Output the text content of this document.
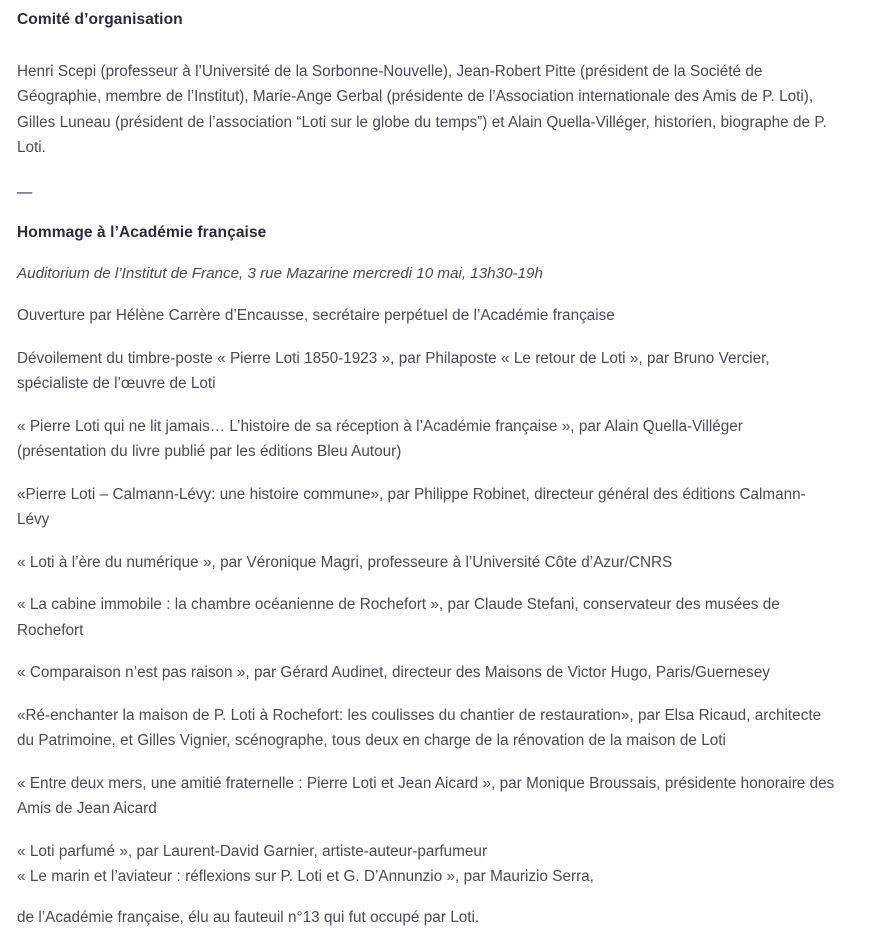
Comité d’organisation

Henri Scepi (professeur à l’Université de la Sorbonne-Nouvelle), Jean-Robert Pitte (président de la Société de Géographie, membre de l’Institut), Marie-Ange Gerbal (présidente de l’Association internationale des Amis de P. Loti), Gilles Luneau (président de l’association “Loti sur le globe du temps”) et Alain Quella-Villéger, historien, biographe de P. Loti.

—

Hommage à l’Académie française

Auditorium de l’Institut de France, 3 rue Mazarine mercredi 10 mai, 13h30-19h

Ouverture par Hélène Carrère d’Encausse, secrétaire perpétuel de l’Académie française

Dévoilement du timbre-poste « Pierre Loti 1850-1923 », par Philaposte « Le retour de Loti », par Bruno Vercier, spécialiste de l’œuvre de Loti

« Pierre Loti qui ne lit jamais… L’histoire de sa réception à l’Académie française », par Alain Quella-Villéger (présentation du livre publié par les éditions Bleu Autour)

«Pierre Loti – Calmann-Lévy: une histoire commune», par Philippe Robinet, directeur général des éditions Calmann-Lévy

« Loti à l’ère du numérique », par Véronique Magri, professeure à l’Université Côte d’Azur/CNRS

« La cabine immobile : la chambre océanienne de Rochefort », par Claude Stefani, conservateur des musées de Rochefort

« Comparaison n’est pas raison », par Gérard Audinet, directeur des Maisons de Victor Hugo, Paris/Guernesey

«Ré-enchanter la maison de P. Loti à Rochefort: les coulisses du chantier de restauration», par Elsa Ricaud, architecte du Patrimoine, et Gilles Vignier, scénographe, tous deux en charge de la rénovation de la maison de Loti

« Entre deux mers, une amitié fraternelle : Pierre Loti et Jean Aicard », par Monique Broussais, présidente honoraire des Amis de Jean Aicard

« Loti parfumé », par Laurent-David Garnier, artiste-auteur-parfumeur
« Le marin et l’aviateur : réflexions sur P. Loti et G. D’Annunzio », par Maurizio Serra,

de l’Académie française, élu au fauteuil n°13 qui fut occupé par Loti.
